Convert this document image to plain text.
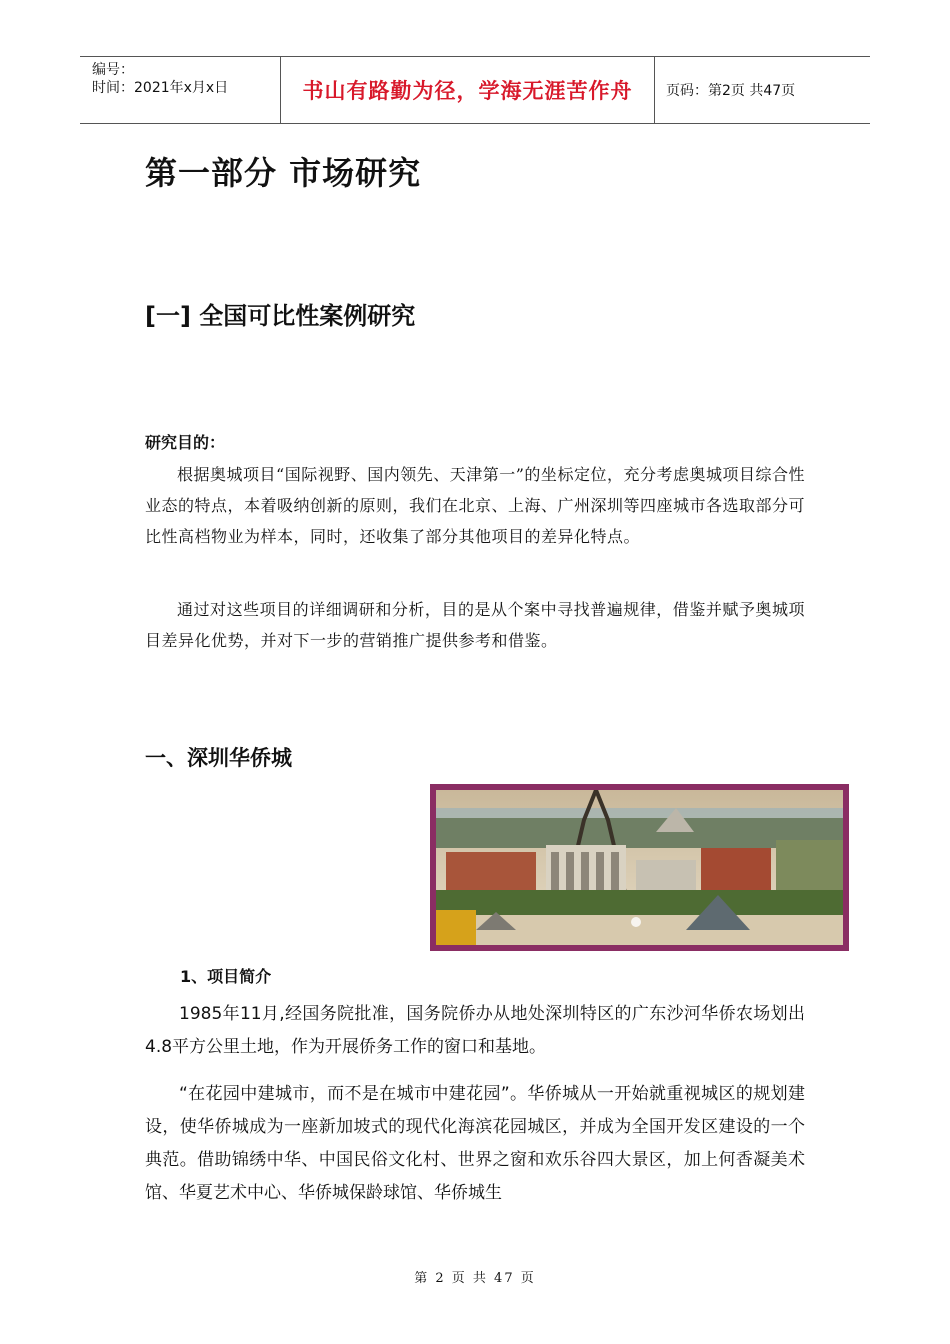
编号：
时间：2021年x月x日	书山有路勤为径，学海无涯苦作舟	页码：第2页 共47页
第一部分 市场研究
[一] 全国可比性案例研究
研究目的：
根据奥城项目“国际视野、国内领先、天津第一”的坐标定位，充分考虑奥城项目综合性业态的特点，本着吸纳创新的原则，我们在北京、上海、广州深圳等四座城市各选取部分可比性高档物业为样本，同时，还收集了部分其他项目的差异化特点。
通过对这些项目的详细调研和分析，目的是从个案中寻找普遍规律，借鉴并赋予奥城项目差异化优势，并对下一步的营销推广提供参考和借鉴。
一、深圳华侨城
1、项目简介
1985年11月,经国务院批准，国务院侨办从地处深圳特区的广东沙河华侨农场划出4.8平方公里土地，作为开展侨务工作的窗口和基地。
“在花园中建城市，而不是在城市中建花园”。华侨城从一开始就重视城区的规划建设，使华侨城成为一座新加坡式的现代化海滨花园城区，并成为全国开发区建设的一个典范。借助锦绣中华、中国民俗文化村、世界之窗和欢乐谷四大景区，加上何香凝美术馆、华夏艺术中心、华侨城保龄球馆、华侨城生
第 2 页 共 47 页
